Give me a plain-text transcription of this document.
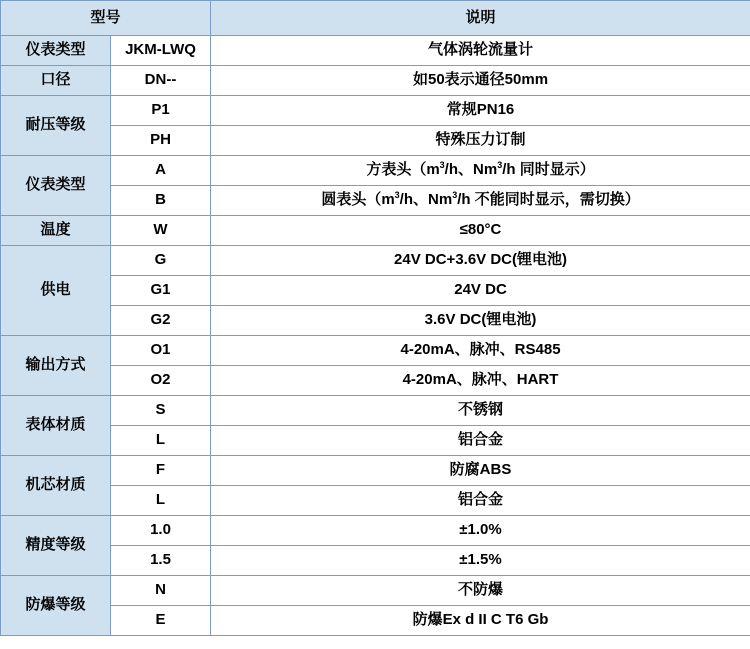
型号		说明
仪表类型	JKM-LWQ	气体涡轮流量计
口径	DN--	如50表示通径50mm
耐压等级	P1	常规PN16
	PH	特殊压力订制
仪表类型	A	方表头（$m^3/h$、Nm$^3$/h 同时显示）
	B	圆表头（$m^3/h$、Nm$^3$/h 不能同时显示，需切换）
温度	W	≤80°C
供电	G	24V DC+3.6V DC(锂电池)
	G1	24V DC
	G2	3.6V DC(锂电池)
输出方式	O1	4-20mA、脉冲、RS485
	O2	4-20mA、脉冲、HART
表体材质	S	不锈钢
	L	铝合金
机芯材质	F	防腐ABS
	L	铝合金
精度等级	1.0	±1.0%
	1.5	±1.5%
防爆等级	N	不防爆
	E	防爆Ex d II C T6 Gb
